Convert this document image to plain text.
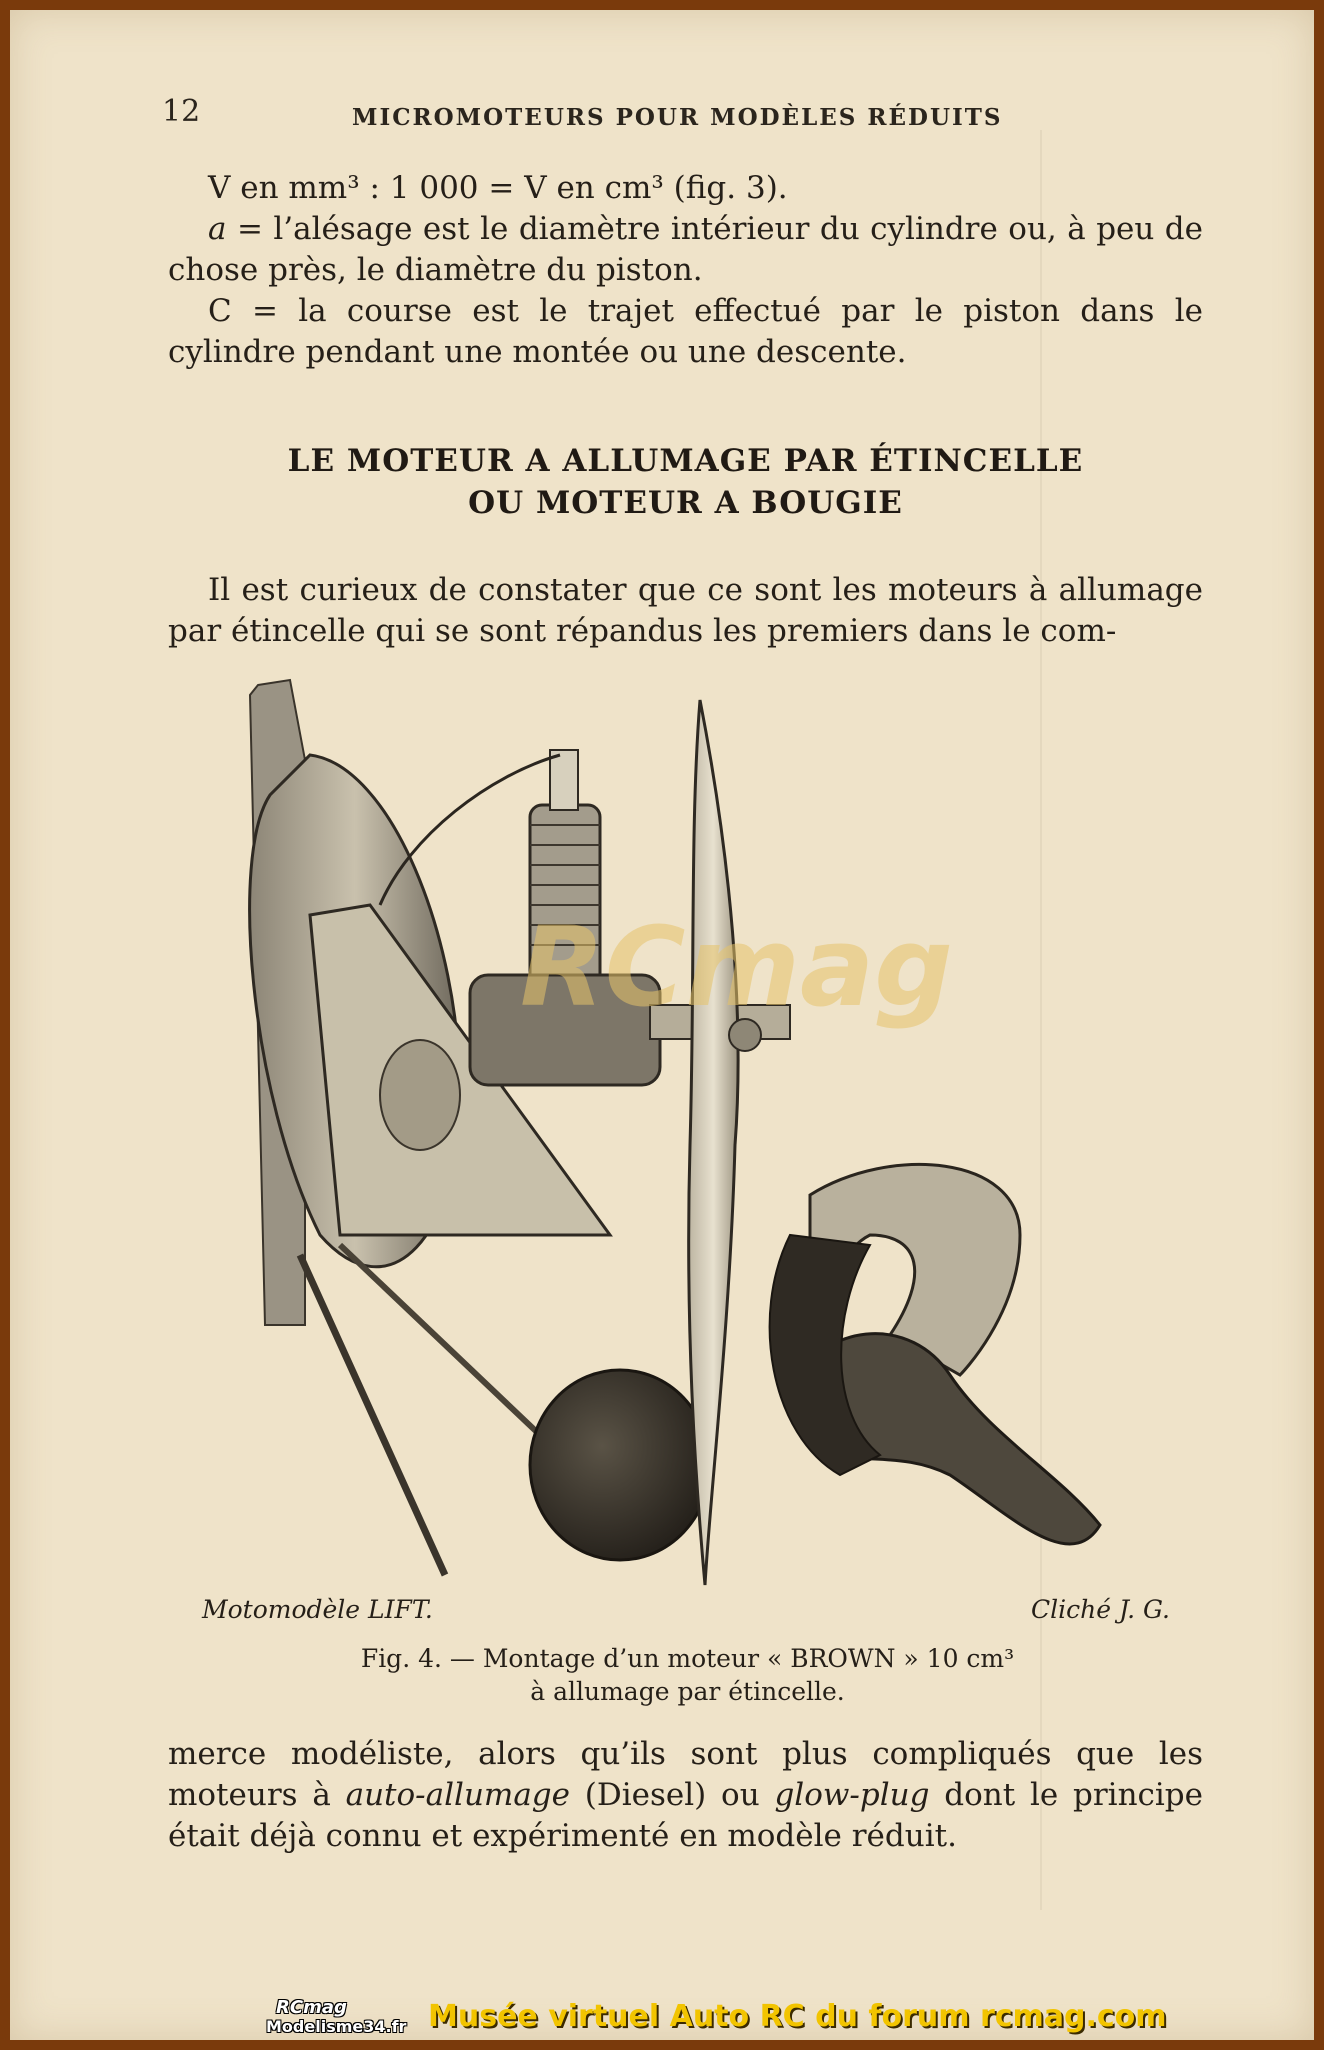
12	MICROMOTEURS POUR MODÈLES RÉDUITS

V en mm³ : 1 000 = V en cm³ (fig. 3).

a = l’alésage est le diamètre intérieur du cylindre ou, à peu de chose près, le diamètre du piston.

C = la course est le trajet effectué par le piston dans le cylindre pendant une montée ou une descente.

LE MOTEUR A ALLUMAGE PAR ÉTINCELLE
OU MOTEUR A BOUGIE

Il est curieux de constater que ce sont les moteurs à allumage par étincelle qui se sont répandus les premiers dans le com-

RCmag
Motomodèle LIFT.	Cliché J. G.
Fig. 4. — Montage d’un moteur « BROWN » 10 cm³
à allumage par étincelle.

merce modéliste, alors qu’ils sont plus compliqués que les moteurs à auto-allumage (Diesel) ou glow-plug dont le principe était déjà connu et expérimenté en modèle réduit.

RCmag
Modelisme34.fr Musée virtuel Auto RC du forum rcmag.com
